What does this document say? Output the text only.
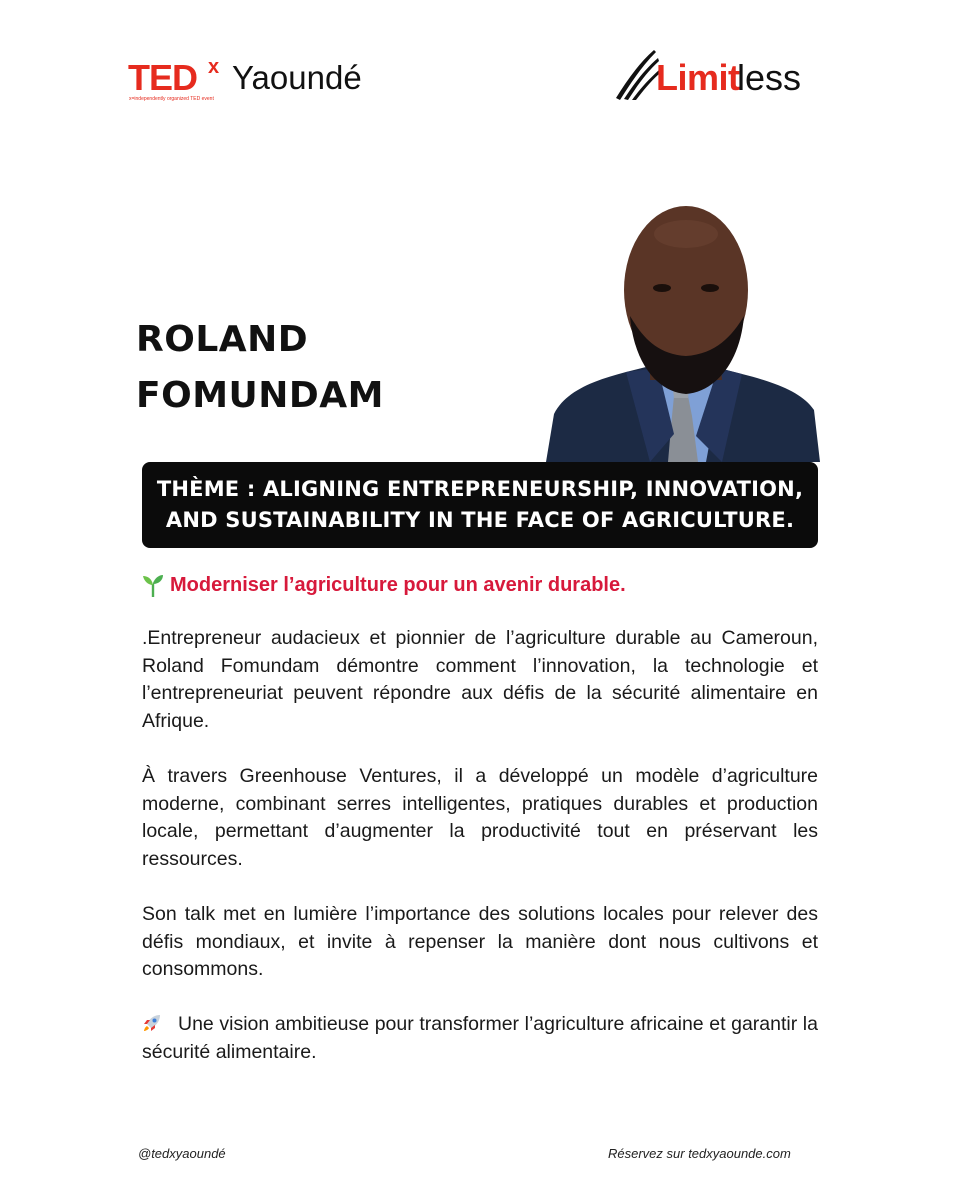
TED x Yaoundé
x=independently organized TED event
Limit
less
ROLAND
FOMUNDAM
THÈME : ALIGNING ENTREPRENEURSHIP, INNOVATION,
AND SUSTAINABILITY IN THE FACE OF AGRICULTURE.
Moderniser l’agriculture pour un avenir durable.
.Entrepreneur audacieux et pionnier de l’agriculture durable au Cameroun, Roland Fomundam démontre comment l’innovation, la technologie et l’entrepreneuriat peuvent répondre aux défis de la sécurité alimentaire en Afrique.
À travers Greenhouse Ventures, il a développé un modèle d’agriculture moderne, combinant serres intelligentes, pratiques durables et production locale, permettant d’augmenter la productivité tout en préservant les ressources.
Son talk met en lumière l’importance des solutions locales pour relever des défis mondiaux, et invite à repenser la manière dont nous cultivons et consommons.
Une vision ambitieuse pour transformer l’agriculture africaine et garantir la sécurité alimentaire.
@tedxyaoundé	Réservez sur tedxyaounde.com
